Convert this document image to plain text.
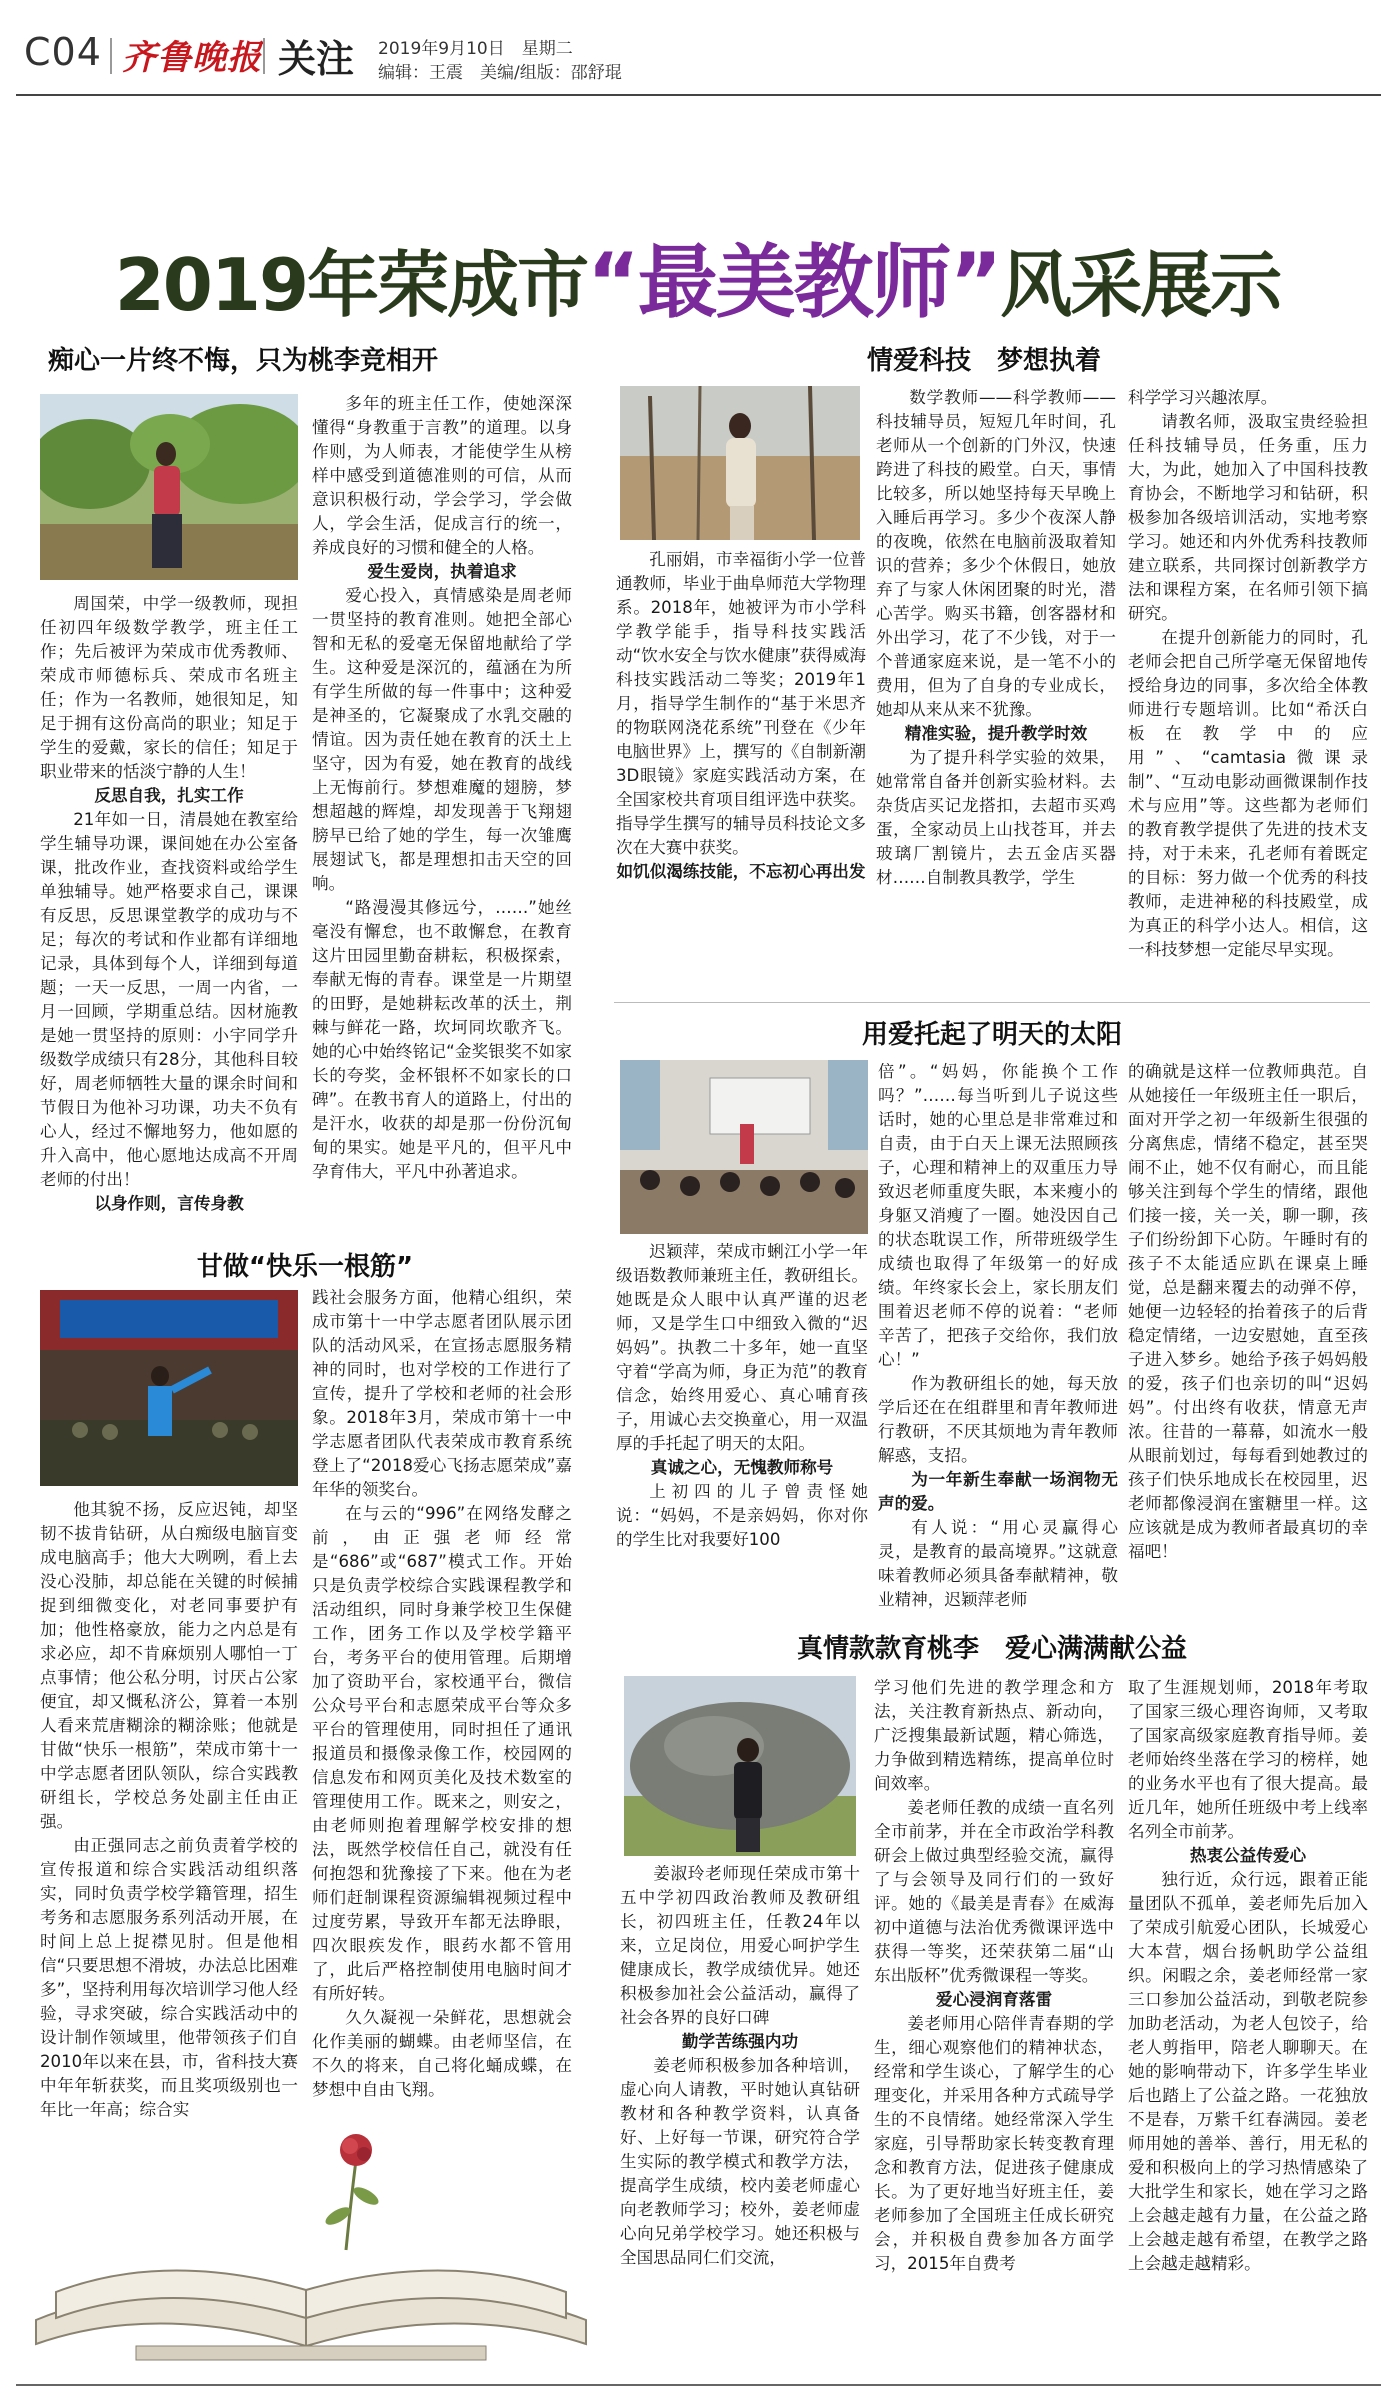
C04 齐鲁晚报 关注 2019年9月10日　星期二
编辑：王震　美编/组版：邵舒琨
2019年荣成市“最美教师”风采展示
痴心一片终不悔，只为桃李竞相开

周国荣，中学一级教师，现担任初四年级数学教学，班主任工作；先后被评为荣成市优秀教师、荣成市师德标兵、荣成市名班主任；作为一名教师，她很知足，知足于拥有这份高尚的职业；知足于学生的爱戴，家长的信任；知足于职业带来的恬淡宁静的人生！

反思自我，扎实工作

21年如一日，清晨她在教室给学生辅导功课，课间她在办公室备课，批改作业，查找资料或给学生单独辅导。她严格要求自己，课课有反思，反思课堂教学的成功与不足；每次的考试和作业都有详细地记录，具体到每个人，详细到每道题；一天一反思，一周一内省，一月一回顾，学期重总结。因材施教是她一贯坚持的原则：小宇同学升级数学成绩只有28分，其他科目较好，周老师牺牲大量的课余时间和节假日为他补习功课，功夫不负有心人，经过不懈地努力，他如愿的升入高中，他心愿地达成高不开周老师的付出！

以身作则，言传身教

多年的班主任工作，使她深深懂得“身教重于言教”的道理。以身作则，为人师表，才能使学生从榜样中感受到道德准则的可信，从而意识积极行动，学会学习，学会做人，学会生活，促成言行的统一，养成良好的习惯和健全的人格。

爱生爱岗，执着追求

爱心投入，真情感染是周老师一贯坚持的教育准则。她把全部心智和无私的爱毫无保留地献给了学生。这种爱是深沉的，蕴涵在为所有学生所做的每一件事中；这种爱是神圣的，它凝聚成了水乳交融的情谊。因为责任她在教育的沃土上坚守，因为有爱，她在教育的战线上无悔前行。梦想难魔的翅膀，梦想超越的辉煌，却发现善于飞翔翅膀早已给了她的学生，每一次雏鹰展翅试飞，都是理想扣击天空的回响。

“路漫漫其修远兮，……”她丝毫没有懈怠，也不敢懈怠，在教育这片田园里勤奋耕耘，积极探索，奉献无悔的青春。课堂是一片期望的田野，是她耕耘改革的沃土，荆棘与鲜花一路，坎坷同坎歌齐飞。她的心中始终铭记“金奖银奖不如家长的夸奖，金杯银杯不如家长的口碑”。在教书育人的道路上，付出的是汗水，收获的却是那一份份沉甸甸的果实。她是平凡的，但平凡中孕育伟大，平凡中孙著追求。

情爱科技　梦想执着

孔丽娟，市幸福街小学一位普通教师，毕业于曲阜师范大学物理系。2018年，她被评为市小学科学教学能手，指导科技实践活动“饮水安全与饮水健康”获得威海科技实践活动二等奖；2019年1月，指导学生制作的“基于米思齐的物联网浇花系统”刊登在《少年电脑世界》上，撰写的《自制新潮3D眼镜》家庭实践活动方案，在全国家校共育项目组评选中获奖。指导学生撰写的辅导员科技论文多次在大赛中获奖。

如饥似渴练技能，不忘初心再出发

数学教师——科学教师——科技辅导员，短短几年时间，孔老师从一个创新的门外汉，快速跨进了科技的殿堂。白天，事情比较多，所以她坚持每天早晚上入睡后再学习。多少个夜深人静的夜晚，依然在电脑前汲取着知识的营养；多少个休假日，她放弃了与家人休闲团聚的时光，潜心苦学。购买书籍，创客器材和外出学习，花了不少钱，对于一个普通家庭来说，是一笔不小的费用，但为了自身的专业成长，她却从来从来不犹豫。

精准实验，提升教学时效

为了提升科学实验的效果，她常常自备并创新实验材料。去杂货店买记龙搭扣，去超市买鸡蛋，全家动员上山找苍耳，并去玻璃厂割镜片，去五金店买器材……自制教具教学，学生

科学学习兴趣浓厚。

请教名师，汲取宝贵经验担任科技辅导员，任务重，压力大，为此，她加入了中国科技教育协会，不断地学习和钻研，积极参加各级培训活动，实地考察学习。她还和内外优秀科技教师建立联系，共同探讨创新教学方法和课程方案，在名师引领下搞研究。

在提升创新能力的同时，孔老师会把自己所学毫无保留地传授给身边的同事，多次给全体教师进行专题培训。比如“希沃白板在教学中的应用”、“camtasia微课录制”、“互动电影动画微课制作技术与应用”等。这些都为老师们的教育教学提供了先进的技术支持，对于未来，孔老师有着既定的目标：努力做一个优秀的科技教师，走进神秘的科技殿堂，成为真正的科学小达人。相信，这一科技梦想一定能尽早实现。

甘做“快乐一根筋”

他其貌不扬，反应迟钝，却坚韧不拔肯钻研，从白痴级电脑盲变成电脑高手；他大大咧咧，看上去没心没肺，却总能在关键的时候捕捉到细微变化，对老同事要护有加；他性格豪放，能力之内总是有求必应，却不肯麻烦别人哪怕一丁点事情；他公私分明，讨厌占公家便宜，却又慨私济公，算着一本别人看来荒唐糊涂的糊涂账；他就是甘做“快乐一根筋”，荣成市第十一中学志愿者团队领队，综合实践教研组长，学校总务处副主任由正强。

由正强同志之前负责着学校的宣传报道和综合实践活动组织落实，同时负责学校学籍管理，招生考务和志愿服务系列活动开展，在时间上总上捉襟见肘。但是他相信“只要思想不滑坡，办法总比困难多”，坚持利用每次培训学习他人经验，寻求突破，综合实践活动中的设计制作领域里，他带领孩子们自2010年以来在县，市，省科技大赛中年年斩获奖，而且奖项级别也一年比一年高；综合实

践社会服务方面，他精心组织，荣成市第十一中学志愿者团队展示团队的活动风采，在宣扬志愿服务精神的同时，也对学校的工作进行了宣传，提升了学校和老师的社会形象。2018年3月，荣成市第十一中学志愿者团队代表荣成市教育系统登上了“2018爱心飞扬志愿荣成”嘉年华的领奖台。

在与云的“996”在网络发酵之前，由正强老师经常是“686”或“687”模式工作。开始只是负责学校综合实践课程教学和活动组织，同时身兼学校卫生保健工作，团务工作以及学校学籍平台，考务平台的使用管理。后期增加了资助平台，家校通平台，微信公众号平台和志愿荣成平台等众多平台的管理使用，同时担任了通讯报道员和摄像录像工作，校园网的信息发布和网页美化及技术数室的管理使用工作。既来之，则安之，由老师则抱着理解学校安排的想法，既然学校信任自己，就没有任何抱怨和犹豫接了下来。他在为老师们赶制课程资源编辑视频过程中过度劳累，导致开车都无法睁眼，四次眼疾发作，眼药水都不管用了，此后严格控制使用电脑时间才有所好转。

久久凝视一朵鲜花，思想就会化作美丽的蝴蝶。由老师坚信，在不久的将来，自己将化蛹成蝶，在梦想中自由飞翔。

用爱托起了明天的太阳

迟颖萍，荣成市蜊江小学一年级语数教师兼班主任，教研组长。她既是众人眼中认真严谨的迟老师，又是学生口中细致入微的“迟妈妈”。执教二十多年，她一直坚守着“学高为师，身正为范”的教育信念，始终用爱心、真心哺育孩子，用诚心去交换童心，用一双温厚的手托起了明天的太阳。

真诚之心，无愧教师称号

上初四的儿子曾责怪她说：“妈妈，不是亲妈妈，你对你的学生比对我要好100

倍”。“妈妈，你能换个工作吗？”……每当听到儿子说这些话时，她的心里总是非常难过和自责，由于白天上课无法照顾孩子，心理和精神上的双重压力导致迟老师重度失眠，本来瘦小的身躯又消瘦了一圈。她没因自己的状态耽误工作，所带班级学生成绩也取得了年级第一的好成绩。年终家长会上，家长朋友们围着迟老师不停的说着：“老师辛苦了，把孩子交给你，我们放心！”

作为教研组长的她，每天放学后还在在组群里和青年教师进行教研，不厌其烦地为青年教师解惑，支招。

为一年新生奉献一场润物无声的爱。

有人说：“用心灵赢得心灵，是教育的最高境界。”这就意味着教师必须具备奉献精神，敬业精神，迟颖萍老师

的确就是这样一位教师典范。自从她接任一年级班主任一职后，面对开学之初一年级新生很强的分离焦虑，情绪不稳定，甚至哭闹不止，她不仅有耐心，而且能够关注到每个学生的情绪，跟他们接一接，关一关，聊一聊，孩子们纷纷卸下心防。午睡时有的孩子不太能适应趴在课桌上睡觉，总是翻来覆去的动弹不停，她便一边轻轻的抬着孩子的后背稳定情绪，一边安慰她，直至孩子进入梦乡。她给予孩子妈妈般的爱，孩子们也亲切的叫“迟妈妈”。付出终有收获，情意无声浓。往昔的一幕幕，如流水一般从眼前划过，每每看到她教过的孩子们快乐地成长在校园里，迟老师都像浸润在蜜糖里一样。这应该就是成为教师者最真切的幸福吧！

真情款款育桃李　爱心满满献公益

姜淑玲老师现任荣成市第十五中学初四政治教师及教研组长，初四班主任，任教24年以来，立足岗位，用爱心呵护学生健康成长，教学成绩优异。她还积极参加社会公益活动，赢得了社会各界的良好口碑

勤学苦练强内功

姜老师积极参加各种培训，虚心向人请教，平时她认真钻研教材和各种教学资料，认真备好、上好每一节课，研究符合学生实际的教学模式和教学方法，提高学生成绩，校内姜老师虚心向老教师学习；校外，姜老师虚心向兄弟学校学习。她还积极与全国思品同仁们交流，

学习他们先进的教学理念和方法，关注教育新热点、新动向，广泛搜集最新试题，精心筛选，力争做到精选精练，提高单位时间效率。

姜老师任教的成绩一直名列全市前茅，并在全市政治学科教研会上做过典型经验交流，赢得了与会领导及同行们的一致好评。她的《最美是青春》在威海初中道德与法治优秀微课评选中获得一等奖，还荣获第二届“山东出版杯”优秀微课程一等奖。

爱心浸润育落雷

姜老师用心陪伴青春期的学生，细心观察他们的精神状态，经常和学生谈心，了解学生的心理变化，并采用各种方式疏导学生的不良情绪。她经常深入学生家庭，引导帮助家长转变教育理念和教育方法，促进孩子健康成长。为了更好地当好班主任，姜老师参加了全国班主任成长研究会，并积极自费参加各方面学习，2015年自费考

取了生涯规划师，2018年考取了国家三级心理咨询师，又考取了国家高级家庭教育指导师。姜老师始终坐落在学习的榜样，她的业务水平也有了很大提高。最近几年，她所任班级中考上线率名列全市前茅。

热衷公益传爱心

独行近，众行远，跟着正能量团队不孤单，姜老师先后加入了荣成引航爱心团队，长城爱心大本营，烟台扬帆助学公益组织。闲暇之余，姜老师经常一家三口参加公益活动，到敬老院参加助老活动，为老人包饺子，给老人剪指甲，陪老人聊聊天。在她的影响带动下，许多学生毕业后也踏上了公益之路。一花独放不是春，万紫千红春满园。姜老师用她的善举、善行，用无私的爱和积极向上的学习热情感染了大批学生和家长，她在学习之路上会越走越有力量，在公益之路上会越走越有希望，在教学之路上会越走越精彩。
